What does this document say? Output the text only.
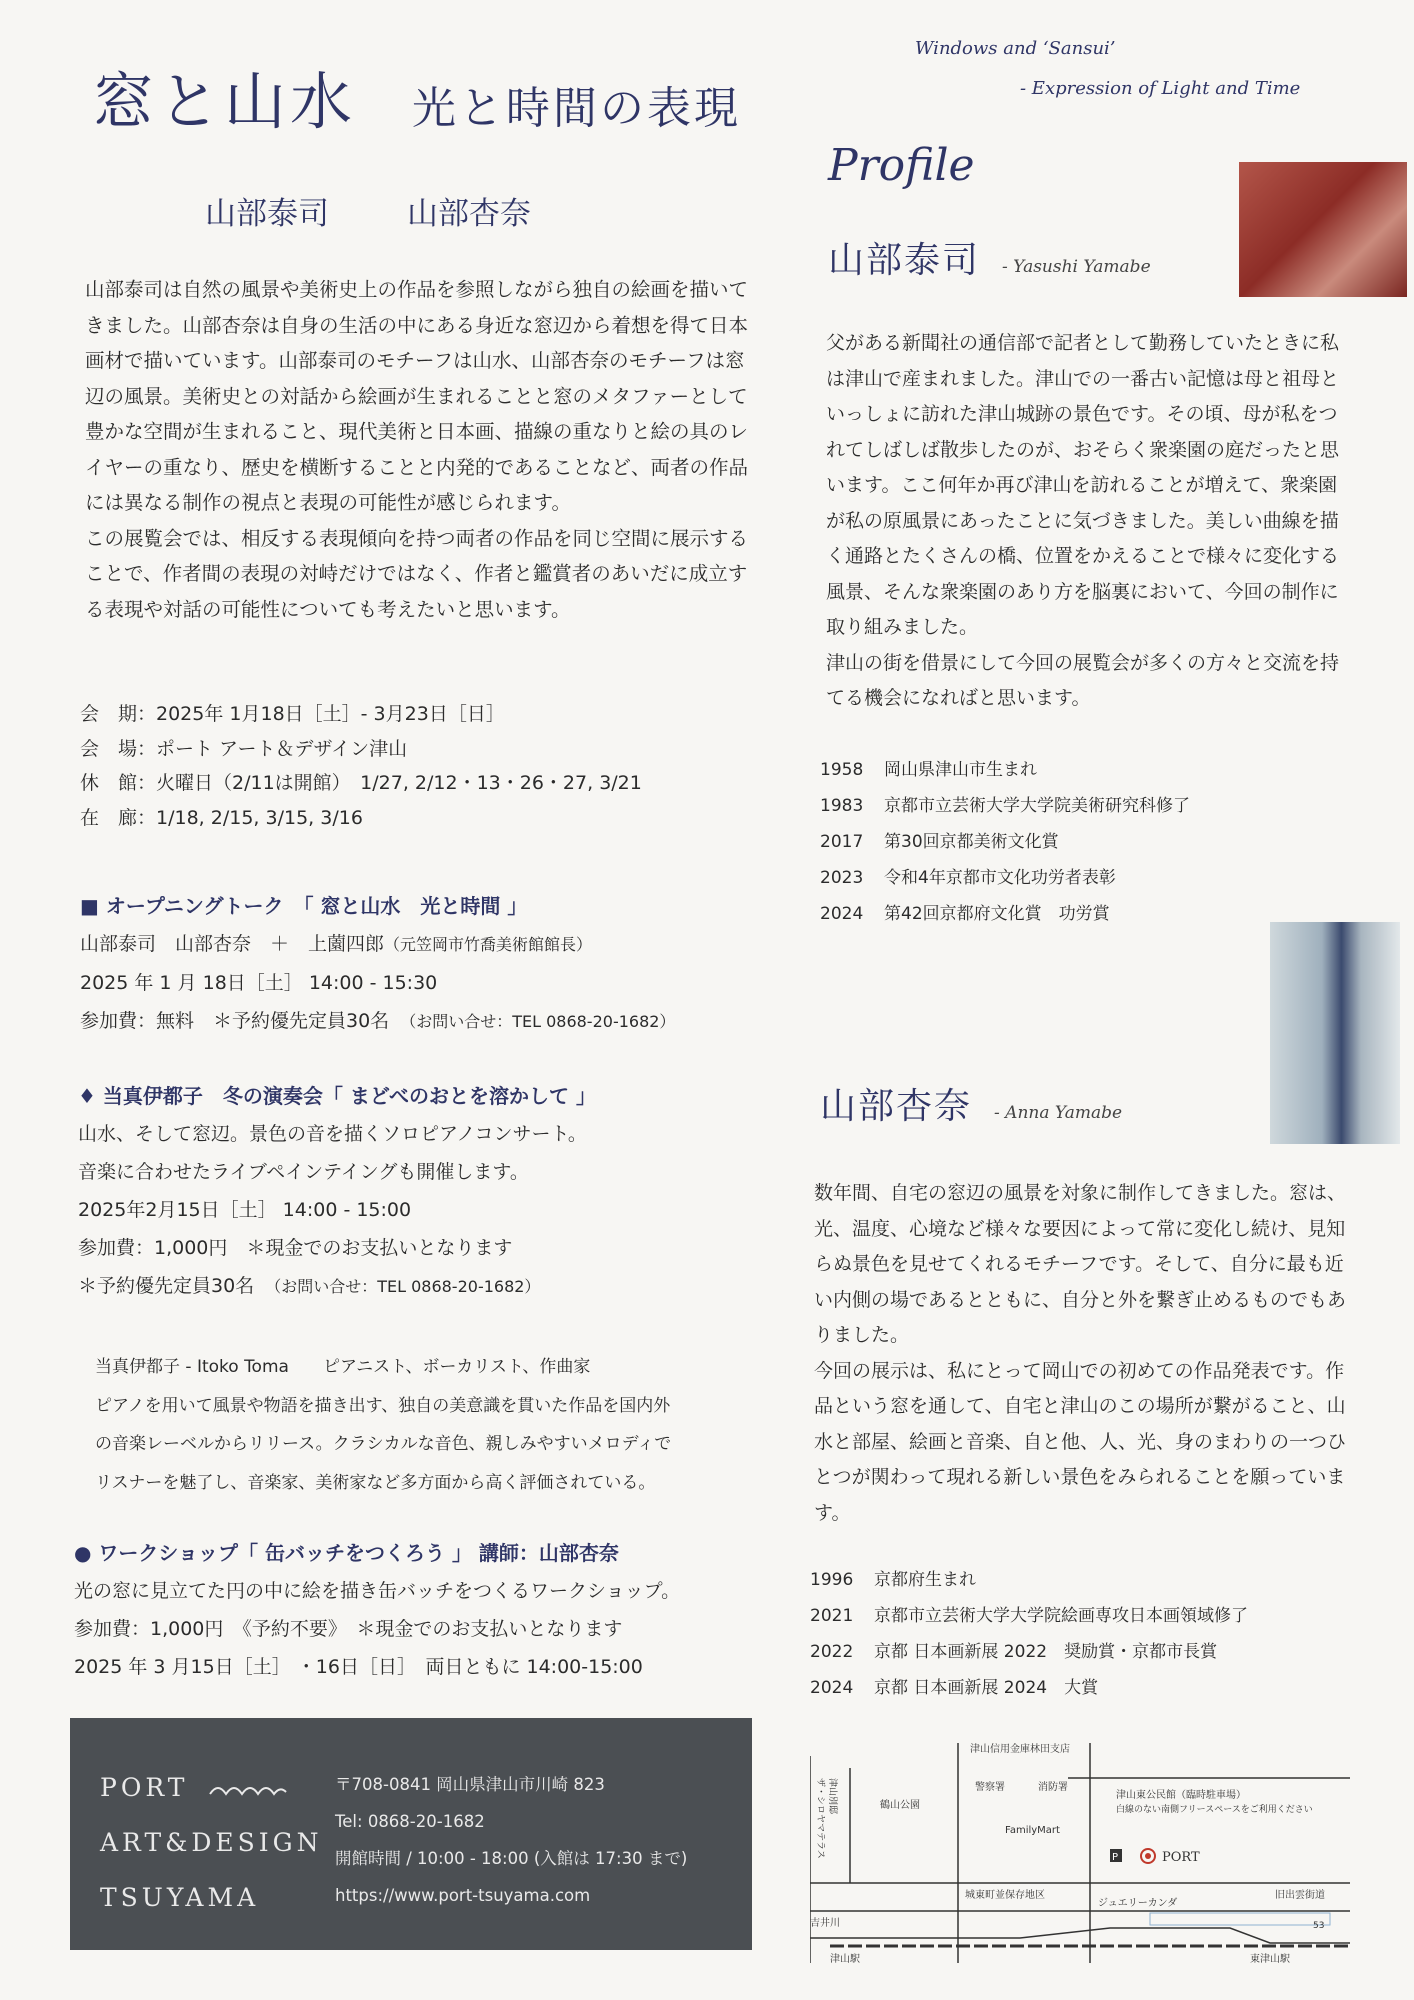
窓と山水 光と時間の表現
山部泰司	山部杏奈
Windows and ‘Sansui’
- Expression of Light and Time

山部泰司は自然の風景や美術史上の作品を参照しながら独自の絵画を描いてきました。山部杏奈は自身の生活の中にある身近な窓辺から着想を得て日本画材で描いています。山部泰司のモチーフは山水、山部杏奈のモチーフは窓辺の風景。美術史との対話から絵画が生まれることと窓のメタファーとして豊かな空間が生まれること、現代美術と日本画、描線の重なりと絵の具のレイヤーの重なり、歴史を横断することと内発的であることなど、両者の作品には異なる制作の視点と表現の可能性が感じられます。

この展覧会では、相反する表現傾向を持つ両者の作品を同じ空間に展示することで、作者間の表現の対峙だけではなく、作者と鑑賞者のあいだに成立する表現や対話の可能性についても考えたいと思います。

会　期：2025年 1月18日［土］- 3月23日［日］
会　場：ポート アート＆デザイン津山
休　館：火曜日（2/11は開館）　1/27, 2/12・13・26・27, 3/21
在　廊：1/18, 2/15, 3/15, 3/16
■ オープニングトーク　「 窓と山水　光と時間 」
山部泰司　山部杏奈　＋　上薗四郎（元笠岡市竹喬美術館館長）
2025 年 1 月 18日［土］ 14:00 - 15:30
参加費：無料　＊予約優先定員30名　 （お問い合せ：TEL 0868-20-1682）
♦ 当真伊都子　冬の演奏会「 まどべのおとを溶かして 」
山水、そして窓辺。景色の音を描くソロピアノコンサート。
音楽に合わせたライブペインテイングも開催します。
2025年2月15日［土］ 14:00 - 15:00
参加費：1,000円　＊現金でのお支払いとなります
＊予約優先定員30名　 （お問い合せ：TEL 0868-20-1682）
当真伊都子 - Itoko Toma　　ピアニスト、ボーカリスト、作曲家
ピアノを用いて風景や物語を描き出す、独自の美意識を貫いた作品を国内外
の音楽レーベルからリリース。クラシカルな音色、親しみやすいメロディで
リスナーを魅了し、音楽家、美術家など多方面から高く評価されている。
● ワークショップ「 缶バッチをつくろう 」 講師：山部杏奈
光の窓に見立てた円の中に絵を描き缶バッチをつくるワークショップ。
参加費：1,000円　《予約不要》　＊現金でのお支払いとなります
2025 年 3 月15日［土］ ・16日［日］　両日ともに 14:00-15:00
PORT
ART&DESIGN
TSUYAMA
〒708-0841 岡山県津山市川崎 823
Tel: 0868-20-1682
開館時間 / 10:00 - 18:00 (入館は 17:30 まで)
https://www.port-tsuyama.com
Profile
山部泰司 - Yasushi Yamabe

父がある新聞社の通信部で記者として勤務していたときに私は津山で産まれました。津山での一番古い記憶は母と祖母といっしょに訪れた津山城跡の景色です。その頃、母が私をつれてしばしば散歩したのが、おそらく衆楽園の庭だったと思います。ここ何年か再び津山を訪れることが増えて、衆楽園が私の原風景にあったことに気づきました。美しい曲線を描く通路とたくさんの橋、位置をかえることで様々に変化する風景、そんな衆楽園のあり方を脳裏において、今回の制作に取り組みました。

津山の街を借景にして今回の展覧会が多くの方々と交流を持てる機会になればと思います。

1958 岡山県津山市生まれ
1983 京都市立芸術大学大学院美術研究科修了
2017 第30回京都美術文化賞
2023 令和4年京都市文化功労者表彰
2024 第42回京都府文化賞　功労賞
山部杏奈 - Anna Yamabe

数年間、自宅の窓辺の風景を対象に制作してきました。窓は、光、温度、心境など様々な要因によって常に変化し続け、見知らぬ景色を見せてくれるモチーフです。そして、自分に最も近い内側の場であるとともに、自分と外を繋ぎ止めるものでもありました。

今回の展示は、私にとって岡山での初めての作品発表です。作品という窓を通して、自宅と津山のこの場所が繋がること、山水と部屋、絵画と音楽、自と他、人、光、身のまわりの一つひとつが関わって現れる新しい景色をみられることを願っています。

1996 京都府生まれ
2021 京都市立芸術大学大学院絵画専攻日本画領域修了
2022 京都 日本画新展 2022　奨励賞・京都市長賞
2024 京都 日本画新展 2024　大賞
P
津山信用金庫林田支店
警察署	消防署
ザ・シロヤマテラス 津山別邸	鶴山公園
津山東公民館（臨時駐車場）
白線のない南側フリースペースをご利用ください
FamilyMart
PORT
城東町並保存地区
ジュエリーカンダ
旧出雲街道
吉井川	53
津山駅	東津山駅
